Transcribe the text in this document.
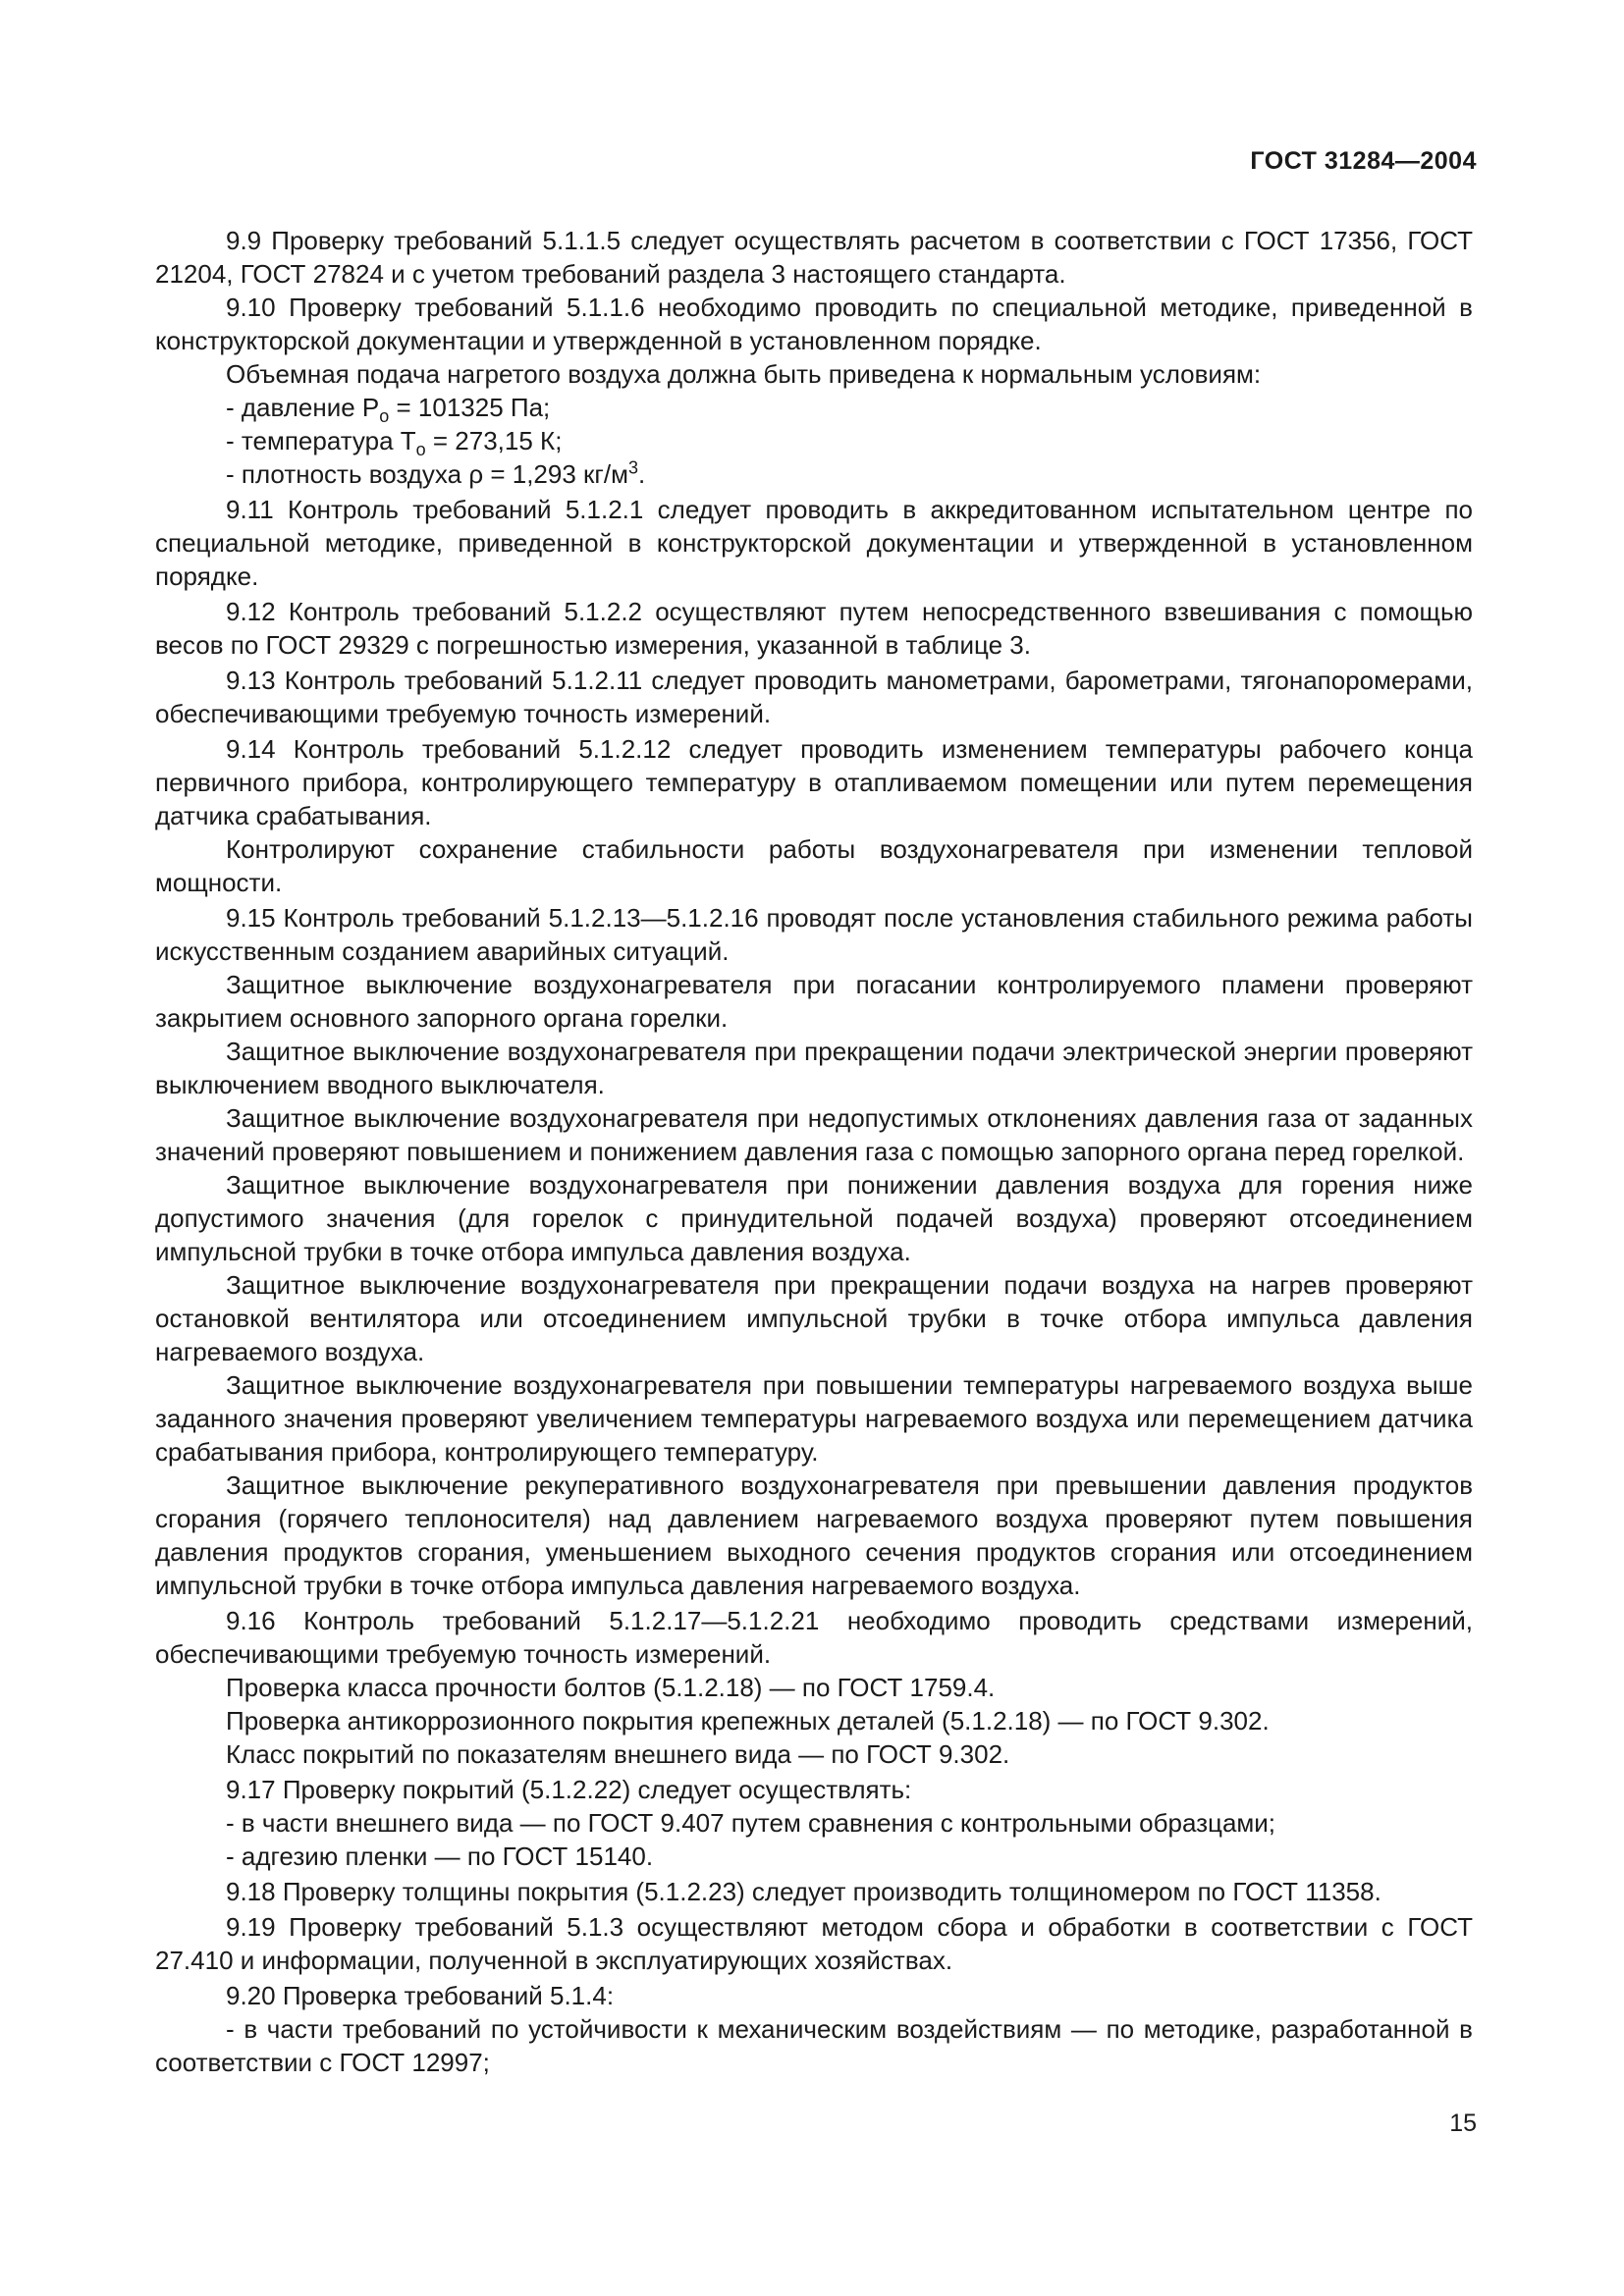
ГОСТ 31284—2004

9.9 Проверку требований 5.1.1.5 следует осуществлять расчетом в соответствии с ГОСТ 17356, ГОСТ 21204, ГОСТ 27824 и с учетом требований раздела 3 настоящего стандарта.

9.10 Проверку требований 5.1.1.6 необходимо проводить по специальной методике, приведенной в конструкторской документации и утвержденной в установленном порядке.

Объемная подача нагретого воздуха должна быть приведена к нормальным условиям:

- давление $P_o = 101325$ Па;

- температура $T_o = 273,15$ К;

- плотность воздуха ρ = 1,293 $кг/м^3$.

9.11 Контроль требований 5.1.2.1 следует проводить в аккредитованном испытательном центре по специальной методике, приведенной в конструкторской документации и утвержденной в установленном порядке.

9.12 Контроль требований 5.1.2.2 осуществляют путем непосредственного взвешивания с помощью весов по ГОСТ 29329 с погрешностью измерения, указанной в таблице 3.

9.13 Контроль требований 5.1.2.11 следует проводить манометрами, барометрами, тягонапоромерами, обеспечивающими требуемую точность измерений.

9.14 Контроль требований 5.1.2.12 следует проводить изменением температуры рабочего конца первичного прибора, контролирующего температуру в отапливаемом помещении или путем перемещения датчика срабатывания.

Контролируют сохранение стабильности работы воздухонагревателя при изменении тепловой мощности.

9.15 Контроль требований 5.1.2.13—5.1.2.16 проводят после установления стабильного режима работы искусственным созданием аварийных ситуаций.

Защитное выключение воздухонагревателя при погасании контролируемого пламени проверяют закрытием основного запорного органа горелки.

Защитное выключение воздухонагревателя при прекращении подачи электрической энергии проверяют выключением вводного выключателя.

Защитное выключение воздухонагревателя при недопустимых отклонениях давления газа от заданных значений проверяют повышением и понижением давления газа с помощью запорного органа перед горелкой.

Защитное выключение воздухонагревателя при понижении давления воздуха для горения ниже допустимого значения (для горелок с принудительной подачей воздуха) проверяют отсоединением импульсной трубки в точке отбора импульса давления воздуха.

Защитное выключение воздухонагревателя при прекращении подачи воздуха на нагрев проверяют остановкой вентилятора или отсоединением импульсной трубки в точке отбора импульса давления нагреваемого воздуха.

Защитное выключение воздухонагревателя при повышении температуры нагреваемого воздуха выше заданного значения проверяют увеличением температуры нагреваемого воздуха или перемещением датчика срабатывания прибора, контролирующего температуру.

Защитное выключение рекуперативного воздухонагревателя при превышении давления продуктов сгорания (горячего теплоносителя) над давлением нагреваемого воздуха проверяют путем повышения давления продуктов сгорания, уменьшением выходного сечения продуктов сгорания или отсоединением импульсной трубки в точке отбора импульса давления нагреваемого воздуха.

9.16 Контроль требований 5.1.2.17—5.1.2.21 необходимо проводить средствами измерений, обеспечивающими требуемую точность измерений.

Проверка класса прочности болтов (5.1.2.18) — по ГОСТ 1759.4.

Проверка антикоррозионного покрытия крепежных деталей (5.1.2.18) — по ГОСТ 9.302.

Класс покрытий по показателям внешнего вида — по ГОСТ 9.302.

9.17 Проверку покрытий (5.1.2.22) следует осуществлять:

- в части внешнего вида — по ГОСТ 9.407 путем сравнения с контрольными образцами;

- адгезию пленки — по ГОСТ 15140.

9.18 Проверку толщины покрытия (5.1.2.23) следует производить толщиномером по ГОСТ 11358.

9.19 Проверку требований 5.1.3 осуществляют методом сбора и обработки в соответствии с ГОСТ 27.410 и информации, полученной в эксплуатирующих хозяйствах.

9.20 Проверка требований 5.1.4:

- в части требований по устойчивости к механическим воздействиям — по методике, разработанной в соответствии с ГОСТ 12997;

15
